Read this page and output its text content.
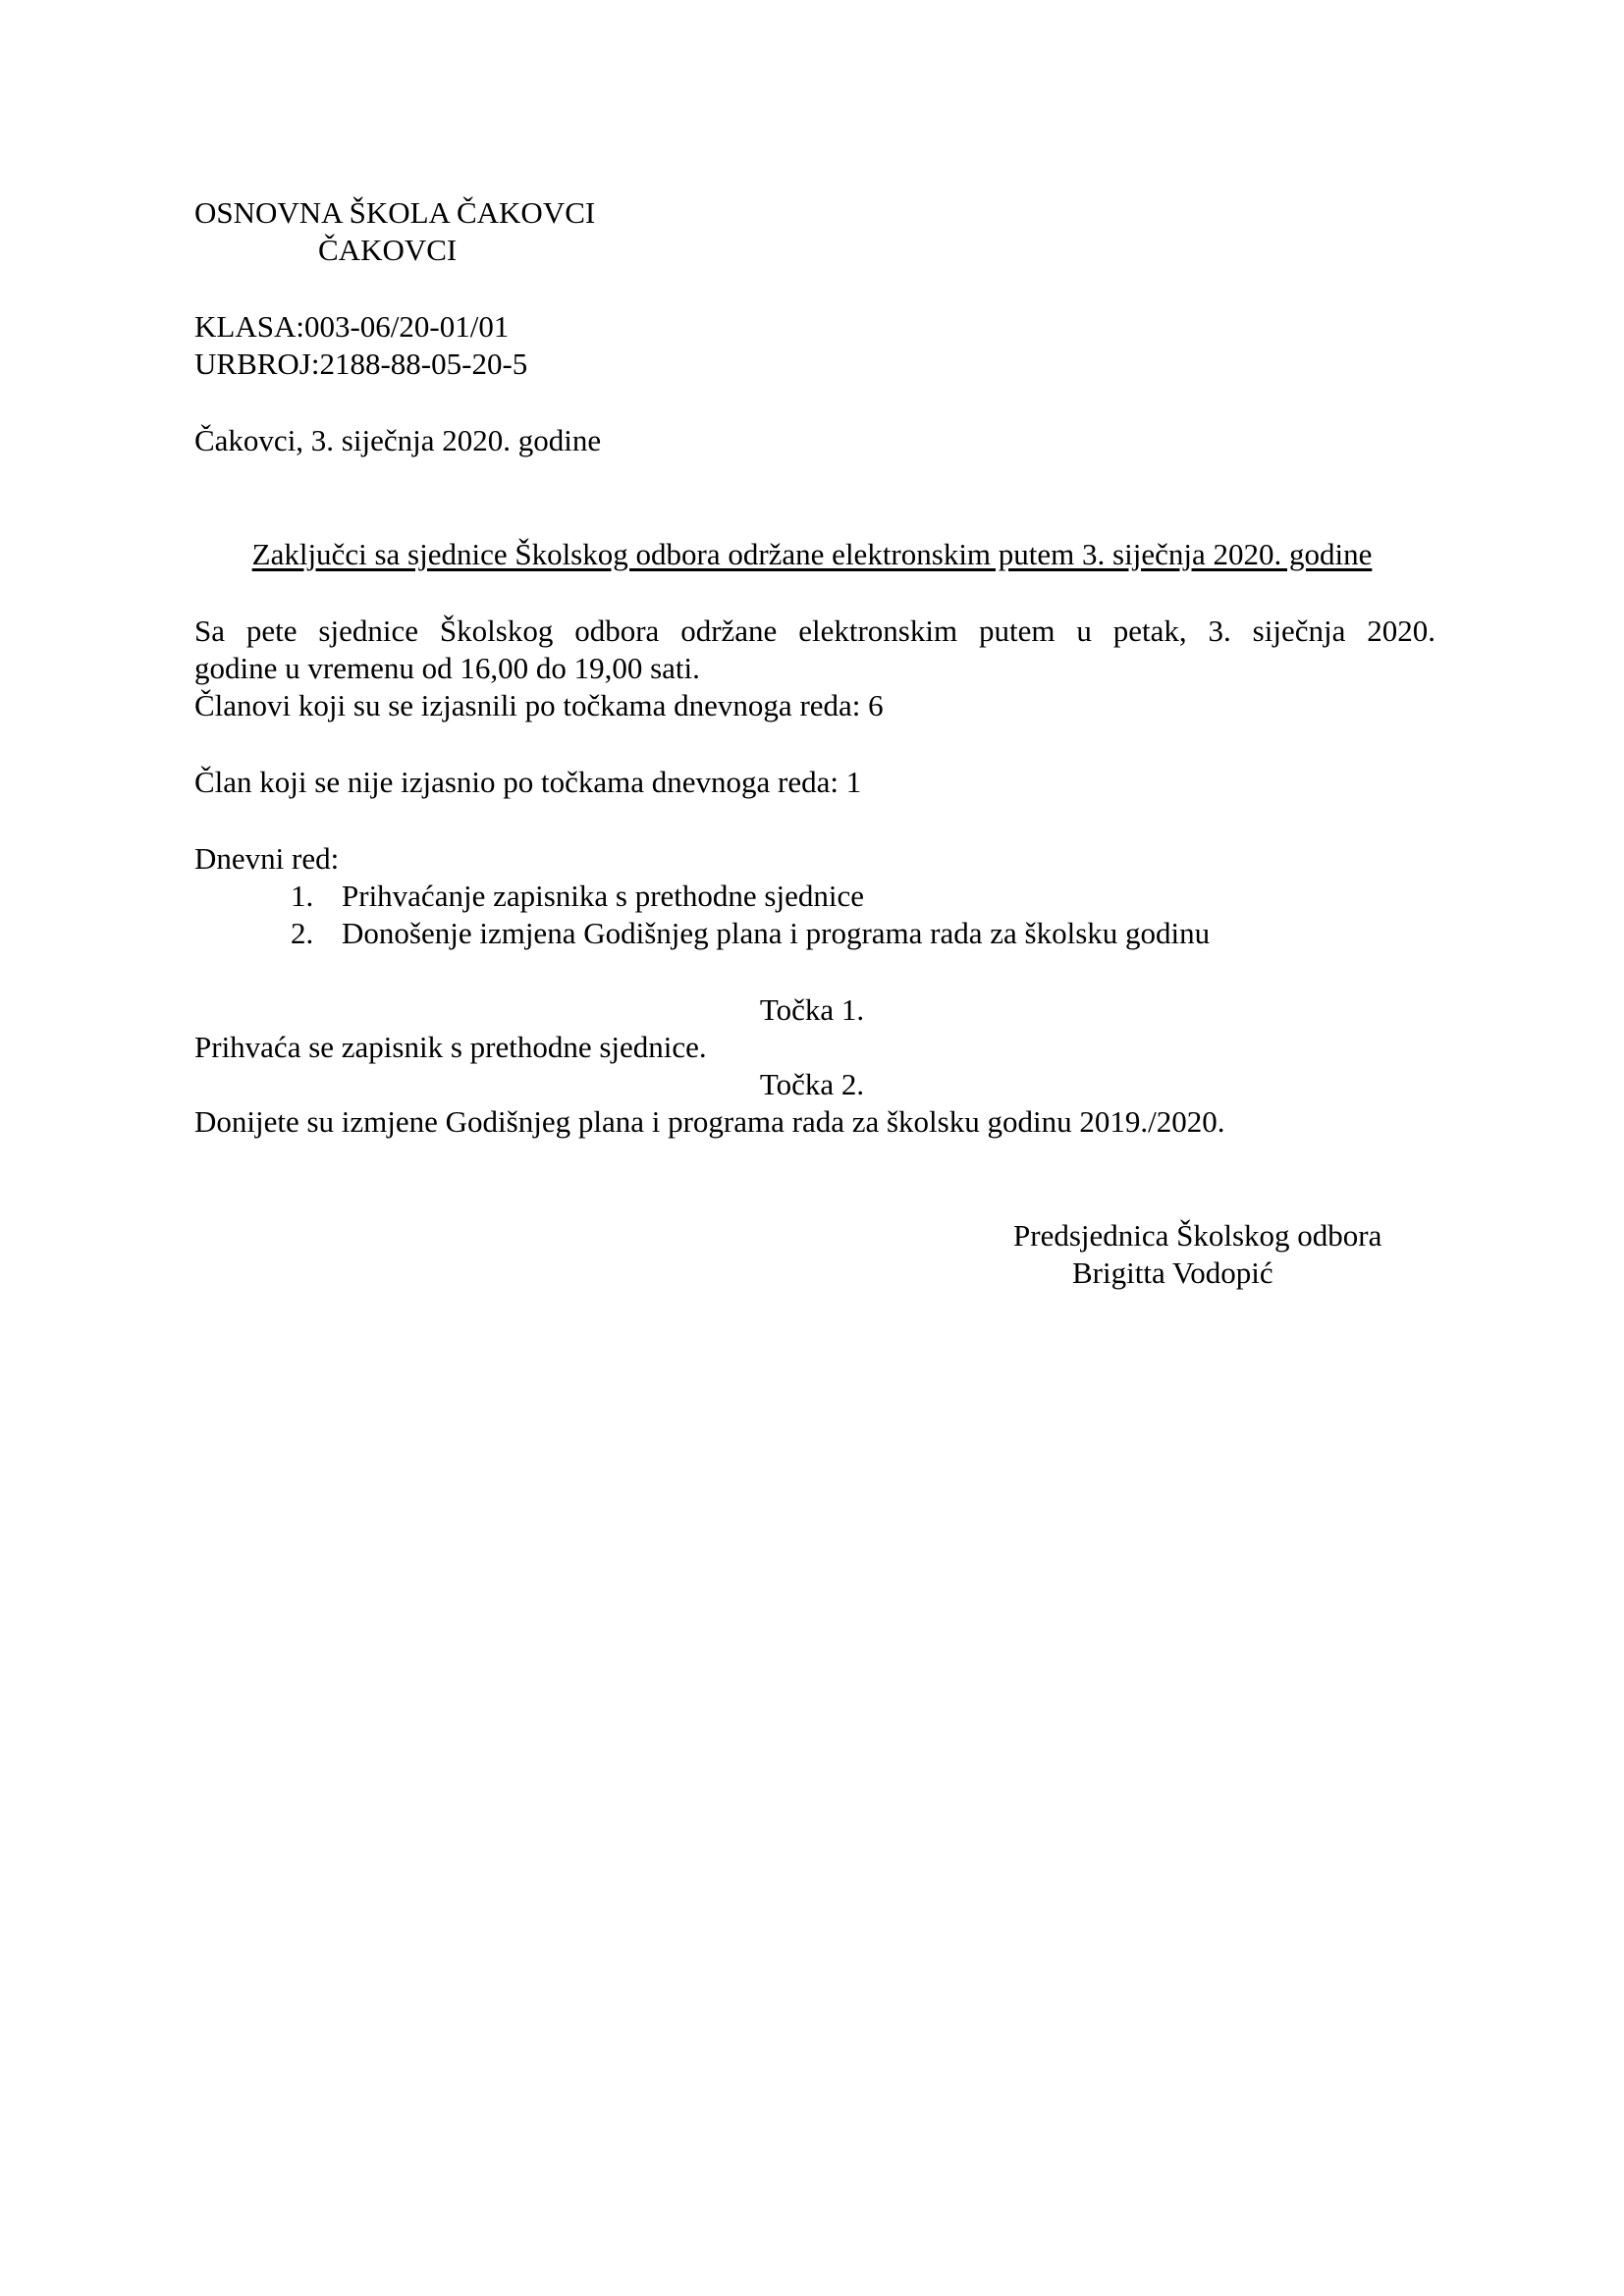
OSNOVNA ŠKOLA ČAKOVCI
ČAKOVCI
KLASA:003-06/20-01/01
URBROJ:2188-88-05-20-5
Čakovci, 3. siječnja 2020. godine
Zaključci sa sjednice Školskog odbora održane elektronskim putem 3. siječnja 2020. godine
Sa pete sjednice Školskog odbora održane elektronskim putem u petak, 3. siječnja 2020.
godine u vremenu od 16,00 do 19,00 sati.
Članovi koji su se izjasnili po točkama dnevnoga reda: 6
Član koji se nije izjasnio po točkama dnevnoga reda: 1
Dnevni red:
1. Prihvaćanje zapisnika s prethodne sjednice
2. Donošenje izmjena Godišnjeg plana i programa rada za školsku godinu
Točka 1.
Prihvaća se zapisnik s prethodne sjednice.
Točka 2.
Donijete su izmjene Godišnjeg plana i programa rada za školsku godinu 2019./2020.
Predsjednica Školskog odbora
Brigitta Vodopić
